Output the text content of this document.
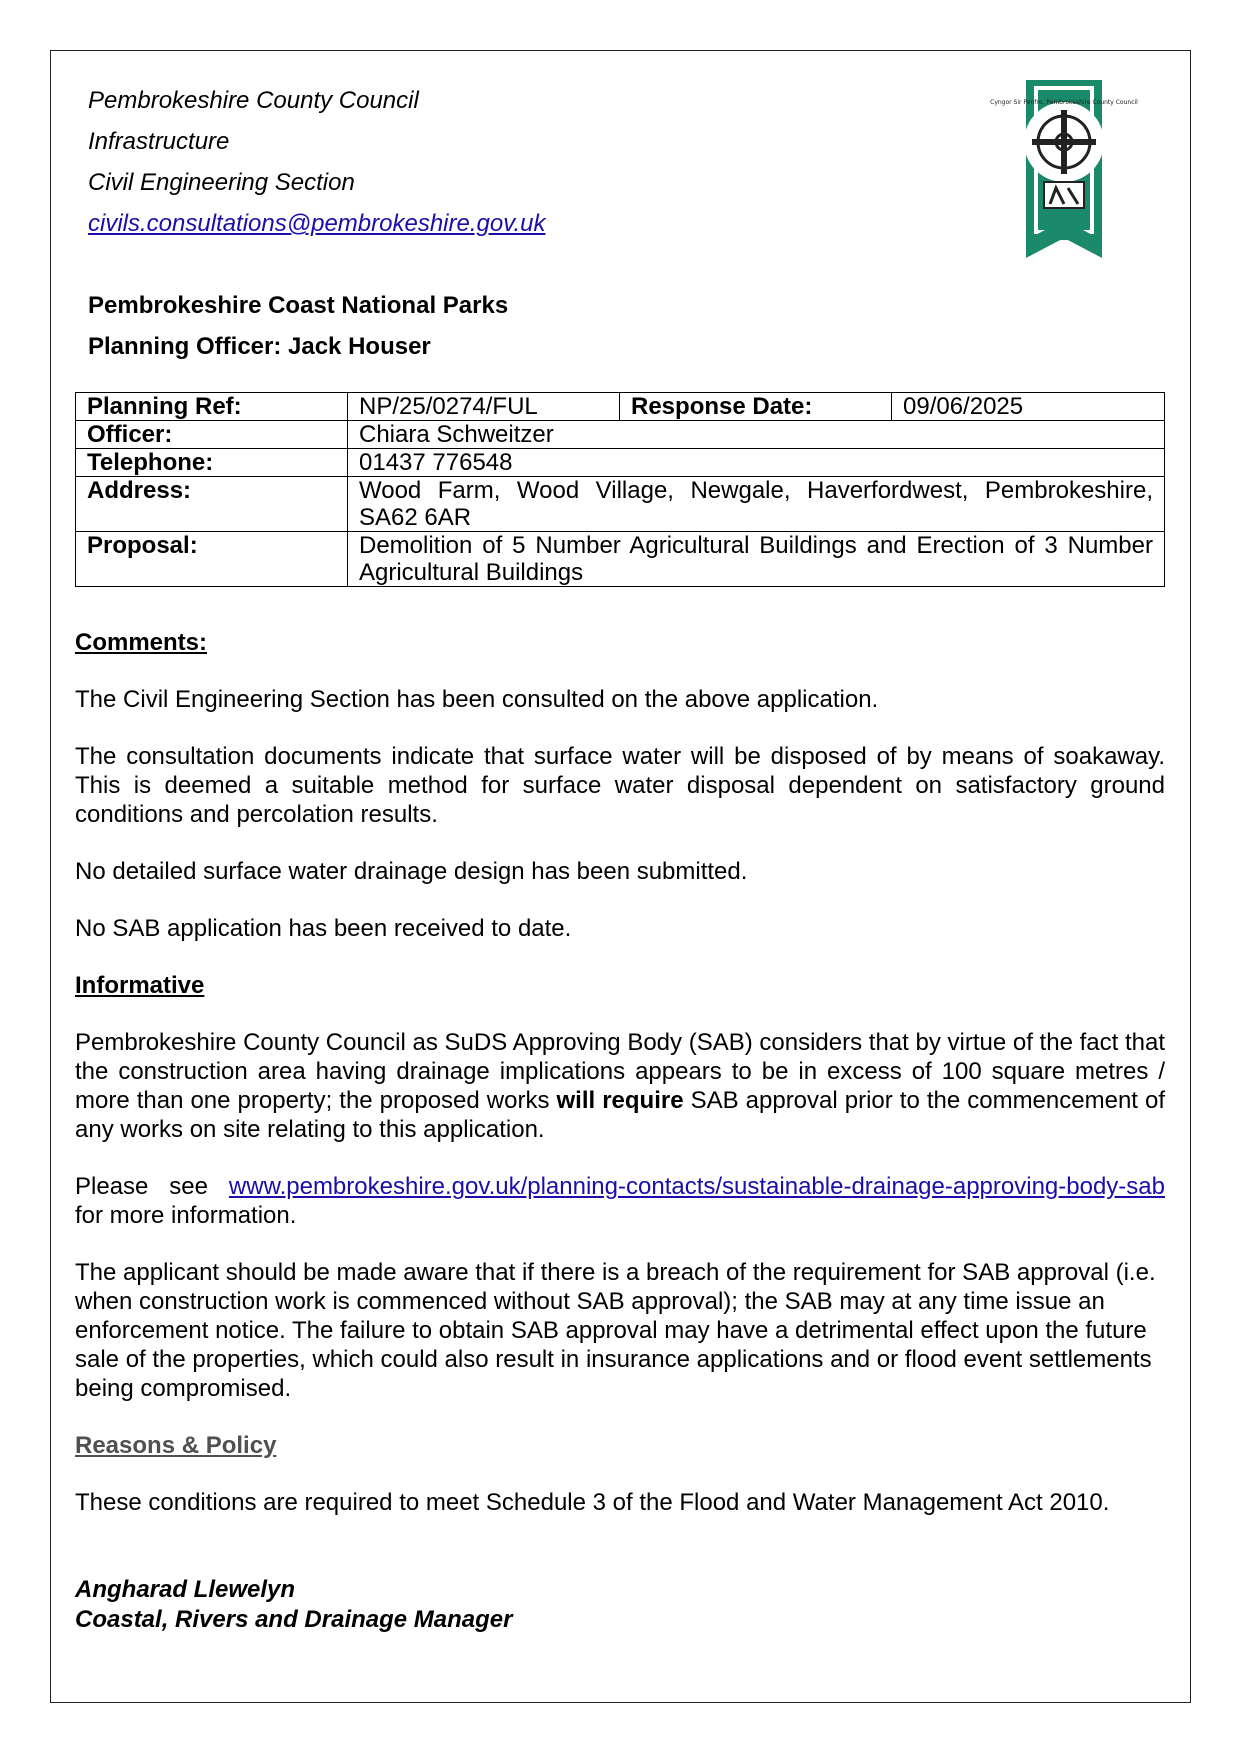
Pembrokeshire County Council
Infrastructure
Civil Engineering Section
civils.consultations@pembrokeshire.gov.uk
Cyngor Sir Penfro, Pembrokeshire County Council
Pembrokeshire Coast National Parks
Planning Officer: Jack Houser
Planning Ref:	NP/25/0274/FUL	Response Date:	09/06/2025
Officer:	Chiara Schweitzer		
Telephone:	01437 776548		
Address:	Wood Farm, Wood Village, Newgale, Haverfordwest, Pembrokeshire, SA62 6AR		
Proposal:	Demolition of 5 Number Agricultural Buildings and Erection of 3 Number Agricultural Buildings		
Comments:

The Civil Engineering Section has been consulted on the above application.

The consultation documents indicate that surface water will be disposed of by means of soakaway. This is deemed a suitable method for surface water disposal dependent on satisfactory ground conditions and percolation results.

No detailed surface water drainage design has been submitted.

No SAB application has been received to date.

Informative

Pembrokeshire County Council as SuDS Approving Body (SAB) considers that by virtue of the fact that the construction area having drainage implications appears to be in excess of 100 square metres / more than one property; the proposed works will require SAB approval prior to the commencement of any works on site relating to this application.

Please see www.pembrokeshire.gov.uk/planning-contacts/sustainable-drainage-approving-body-sab for more information.

The applicant should be made aware that if there is a breach of the requirement for SAB approval (i.e. when construction work is commenced without SAB approval); the SAB may at any time issue an enforcement notice. The failure to obtain SAB approval may have a detrimental effect upon the future sale of the properties, which could also result in insurance applications and or flood event settlements being compromised.

Reasons & Policy

These conditions are required to meet Schedule 3 of the Flood and Water Management Act 2010.

Angharad Llewelyn
Coastal, Rivers and Drainage Manager
